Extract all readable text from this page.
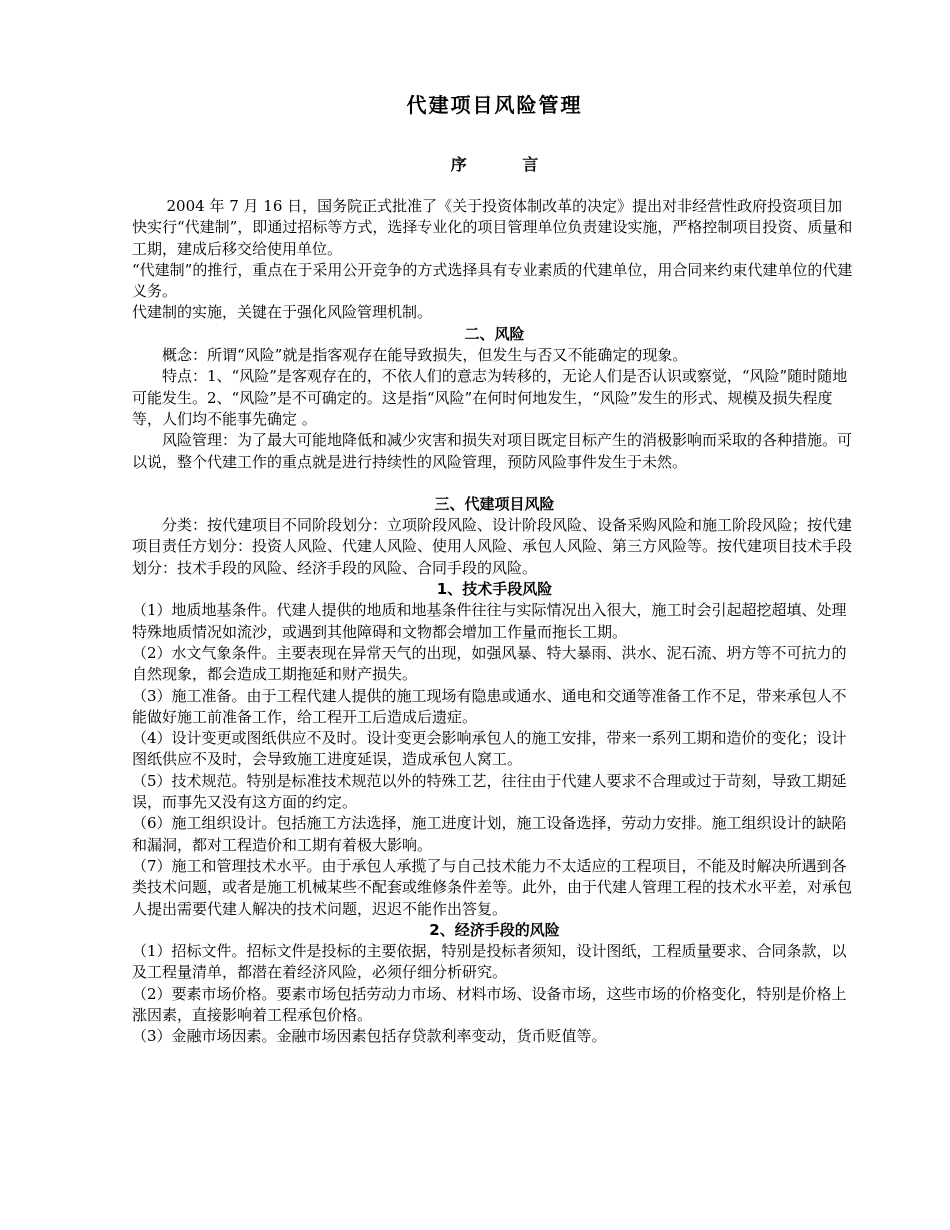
代建项目风险管理
序 言

2004 年 7 月 16 日，国务院正式批准了《关于投资体制改革的决定》提出对非经营性政府投资项目加快实行“代建制”，即通过招标等方式，选择专业化的项目管理单位负责建设实施，严格控制项目投资、质量和工期，建成后移交给使用单位。

“代建制”的推行，重点在于采用公开竞争的方式选择具有专业素质的代建单位，用合同来约束代建单位的代建义务。

代建制的实施，关键在于强化风险管理机制。

二、风险

概念：所谓“风险”就是指客观存在能导致损失，但发生与否又不能确定的现象。

特点：1、“风险”是客观存在的，不依人们的意志为转移的，无论人们是否认识或察觉，“风险”随时随地可能发生。2、“风险”是不可确定的。这是指“风险”在何时何地发生，“风险”发生的形式、规模及损失程度等，人们均不能事先确定 。

风险管理：为了最大可能地降低和减少灾害和损失对项目既定目标产生的消极影响而采取的各种措施。可以说，整个代建工作的重点就是进行持续性的风险管理，预防风险事件发生于未然。

三、代建项目风险

分类：按代建项目不同阶段划分：立项阶段风险、设计阶段风险、设备采购风险和施工阶段风险；按代建项目责任方划分：投资人风险、代建人风险、使用人风险、承包人风险、第三方风险等。按代建项目技术手段划分：技术手段的风险、经济手段的风险、合同手段的风险。

1、技术手段风险

（1）地质地基条件。代建人提供的地质和地基条件往往与实际情况出入很大，施工时会引起超挖超填、处理特殊地质情况如流沙，或遇到其他障碍和文物都会增加工作量而拖长工期。

（2）水文气象条件。主要表现在异常天气的出现，如强风暴、特大暴雨、洪水、泥石流、坍方等不可抗力的自然现象，都会造成工期拖延和财产损失。

（3）施工准备。由于工程代建人提供的施工现场有隐患或通水、通电和交通等准备工作不足，带来承包人不能做好施工前准备工作，给工程开工后造成后遗症。

（4）设计变更或图纸供应不及时。设计变更会影响承包人的施工安排，带来一系列工期和造价的变化；设计图纸供应不及时，会导致施工进度延误，造成承包人窝工。

（5）技术规范。特别是标准技术规范以外的特殊工艺，往往由于代建人要求不合理或过于苛刻，导致工期延误，而事先又没有这方面的约定。

（6）施工组织设计。包括施工方法选择，施工进度计划，施工设备选择，劳动力安排。施工组织设计的缺陷和漏洞，都对工程造价和工期有着极大影响。

（7）施工和管理技术水平。由于承包人承揽了与自己技术能力不太适应的工程项目，不能及时解决所遇到各类技术问题，或者是施工机械某些不配套或维修条件差等。此外，由于代建人管理工程的技术水平差，对承包人提出需要代建人解决的技术问题，迟迟不能作出答复。

2、经济手段的风险

（1）招标文件。招标文件是投标的主要依据，特别是投标者须知，设计图纸，工程质量要求、合同条款，以及工程量清单，都潜在着经济风险，必须仔细分析研究。

（2）要素市场价格。要素市场包括劳动力市场、材料市场、设备市场，这些市场的价格变化，特别是价格上涨因素，直接影响着工程承包价格。

（3）金融市场因素。金融市场因素包括存贷款利率变动，货币贬值等。
